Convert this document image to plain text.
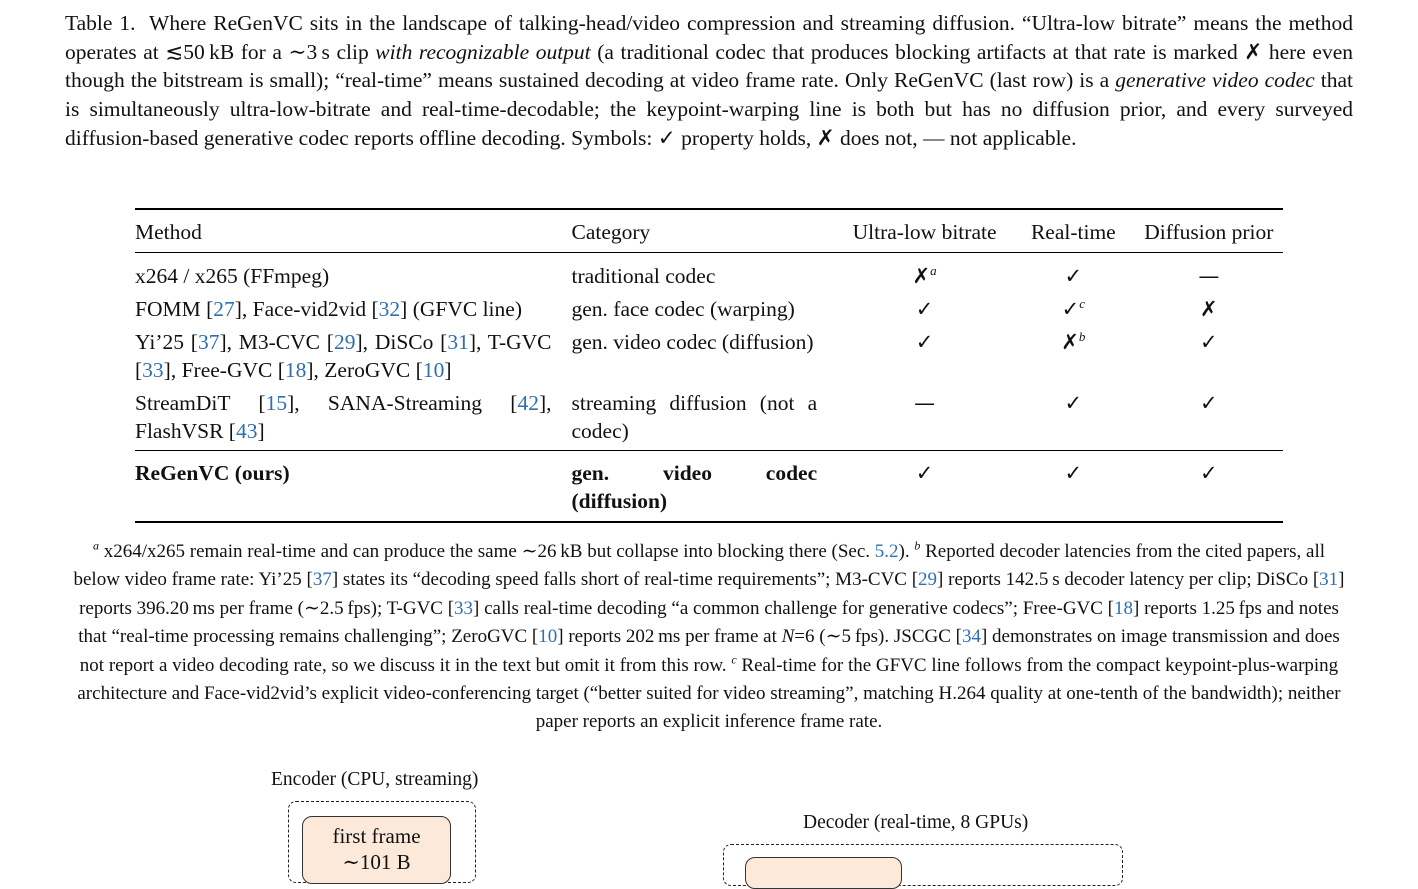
Table 1. Where ReGenVC sits in the landscape of talking-head/video compression and streaming diffusion. “Ultra-low bitrate” means the method operates at ≲50 kB for a ∼3 s clip with recognizable output (a traditional codec that produces blocking artifacts at that rate is marked ✗ here even though the bitstream is small); “real-time” means sustained decoding at video frame rate. Only ReGenVC (last row) is a generative video codec that is simultaneously ultra-low-bitrate and real-time-decodable; the keypoint-warping line is both but has no diffusion prior, and every surveyed diffusion-based generative codec reports offline decoding. Symbols: ✓ property holds, ✗ does not, — not applicable.

Method	Category	Ultra-low bitrate	Real-time	Diffusion prior
x264 / x265 (FFmpeg)	traditional codec	✗$^a$	✓	—
FOMM [27], Face-vid2vid [32] (GFVC line)	gen. face codec (warping)	✓	✓$^c$	✗
Yi’25 [37], M3-CVC [29], DiSCo [31], T-GVC [33], Free-GVC [18], ZeroGVC [10]	gen. video codec (diffusion)	✓	✗$^b$	✓
StreamDiT [15], SANA-Streaming [42], FlashVSR [43]	streaming diffusion (not a codec)	—	✓	✓
ReGenVC (ours)	gen. video codec (diffusion)	✓	✓	✓
$^a$ x264/x265 remain real-time and can produce the same ∼26 kB but collapse into blocking there (Sec. 5.2). $^b$ Reported decoder latencies from the cited papers, all below video frame rate: Yi’25 [37] states its “decoding speed falls short of real-time requirements”; M3-CVC [29] reports 142.5 s decoder latency per clip; DiSCo [31] reports 396.20 ms per frame (∼2.5 fps); T-GVC [33] calls real-time decoding “a common challenge for generative codecs”; Free-GVC [18] reports 1.25 fps and notes that “real-time processing remains challenging”; ZeroGVC [10] reports 202 ms per frame at N=6 (∼5 fps). JSCGC [34] demonstrates on image transmission and does not report a video decoding rate, so we discuss it in the text but omit it from this row. $^c$ Real-time for the GFVC line follows from the compact keypoint-plus-warping architecture and Face-vid2vid’s explicit video-conferencing target (“better suited for video streaming”, matching H.264 quality at one-tenth of the bandwidth); neither paper reports an explicit inference frame rate.
Encoder (CPU, streaming)
first frame
∼101 B
Decoder (real-time, 8 GPUs)
